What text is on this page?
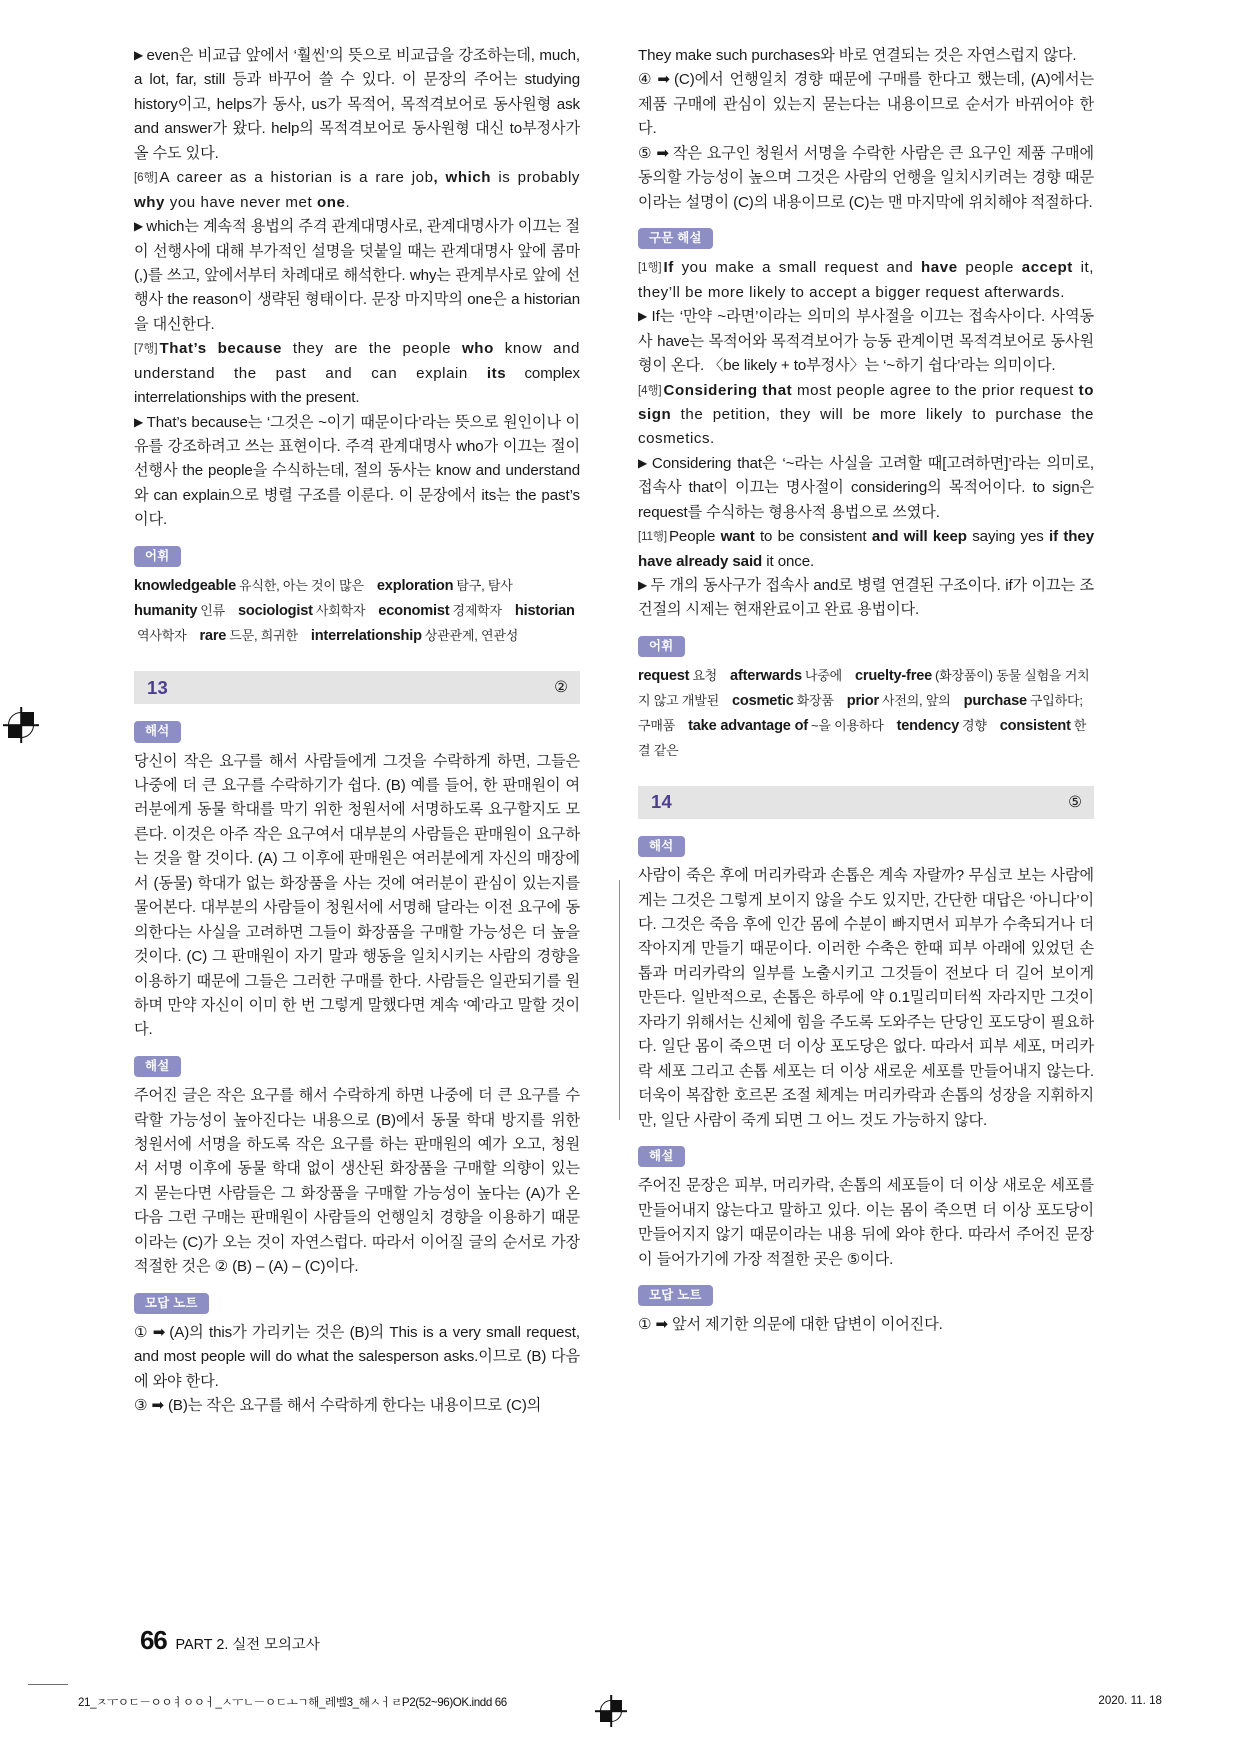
▶ even은 비교급 앞에서 ‘훨씬’의 뜻으로 비교급을 강조하는데, much, a lot, far, still 등과 바꾸어 쓸 수 있다. 이 문장의 주어는 studying history이고, helps가 동사, us가 목적어, 목적격보어로 동사원형 ask and answer가 왔다. help의 목적격보어로 동사원형 대신 to부정사가 올 수도 있다.

[6행] A career as a historian is a rare job, which is probably why you have never met one.

▶ which는 계속적 용법의 주격 관계대명사로, 관계대명사가 이끄는 절이 선행사에 대해 부가적인 설명을 덧붙일 때는 관계대명사 앞에 콤마(,)를 쓰고, 앞에서부터 차례대로 해석한다. why는 관계부사로 앞에 선행사 the reason이 생략된 형태이다. 문장 마지막의 one은 a historian을 대신한다.

[7행] That’s because they are the people who know and understand the past and can explain its complex interrelationships with the present.

▶ That’s because는 ‘그것은 ~이기 때문이다’라는 뜻으로 원인이나 이유를 강조하려고 쓰는 표현이다. 주격 관계대명사 who가 이끄는 절이 선행사 the people을 수식하는데, 절의 동사는 know and understand와 can explain으로 병렬 구조를 이룬다. 이 문장에서 its는 the past’s이다.

어휘
knowledgeable 유식한, 아는 것이 많은 exploration 탐구, 탐사humanity 인류 sociologist 사회학자 economist 경제학자 historian역사학자 rare 드문, 희귀한 interrelationship 상관관계, 연관성
13	②
해석

당신이 작은 요구를 해서 사람들에게 그것을 수락하게 하면, 그들은 나중에 더 큰 요구를 수락하기가 쉽다. (B) 예를 들어, 한 판매원이 여러분에게 동물 학대를 막기 위한 청원서에 서명하도록 요구할지도 모른다. 이것은 아주 작은 요구여서 대부분의 사람들은 판매원이 요구하는 것을 할 것이다. (A) 그 이후에 판매원은 여러분에게 자신의 매장에서 (동물) 학대가 없는 화장품을 사는 것에 여러분이 관심이 있는지를 물어본다. 대부분의 사람들이 청원서에 서명해 달라는 이전 요구에 동의한다는 사실을 고려하면 그들이 화장품을 구매할 가능성은 더 높을 것이다. (C) 그 판매원이 자기 말과 행동을 일치시키는 사람의 경향을 이용하기 때문에 그들은 그러한 구매를 한다. 사람들은 일관되기를 원하며 만약 자신이 이미 한 번 그렇게 말했다면 계속 ‘예’라고 말할 것이다.

해설

주어진 글은 작은 요구를 해서 수락하게 하면 나중에 더 큰 요구를 수락할 가능성이 높아진다는 내용으로 (B)에서 동물 학대 방지를 위한 청원서에 서명을 하도록 작은 요구를 하는 판매원의 예가 오고, 청원서 서명 이후에 동물 학대 없이 생산된 화장품을 구매할 의향이 있는지 묻는다면 사람들은 그 화장품을 구매할 가능성이 높다는 (A)가 온 다음 그런 구매는 판매원이 사람들의 언행일치 경향을 이용하기 때문이라는 (C)가 오는 것이 자연스럽다. 따라서 이어질 글의 순서로 가장 적절한 것은 ② (B) – (A) – (C)이다.

모답 노트

① ➡ (A)의 this가 가리키는 것은 (B)의 This is a very small request, and most people will do what the salesperson asks.이므로 (B) 다음에 와야 한다.

③ ➡ (B)는 작은 요구를 해서 수락하게 한다는 내용이므로 (C)의

They make such purchases와 바로 연결되는 것은 자연스럽지 않다.

④ ➡ (C)에서 언행일치 경향 때문에 구매를 한다고 했는데, (A)에서는 제품 구매에 관심이 있는지 묻는다는 내용이므로 순서가 바뀌어야 한다.

⑤ ➡ 작은 요구인 청원서 서명을 수락한 사람은 큰 요구인 제품 구매에 동의할 가능성이 높으며 그것은 사람의 언행을 일치시키려는 경향 때문이라는 설명이 (C)의 내용이므로 (C)는 맨 마지막에 위치해야 적절하다.

구문 해설

[1행] If you make a small request and have people accept it, they’ll be more likely to accept a bigger request afterwards.

▶ If는 ‘만약 ~라면’이라는 의미의 부사절을 이끄는 접속사이다. 사역동사 have는 목적어와 목적격보어가 능동 관계이면 목적격보어로 동사원형이 온다. 〈be likely + to부정사〉는 ‘~하기 쉽다’라는 의미이다.

[4행] Considering that most people agree to the prior request to sign the petition, they will be more likely to purchase the cosmetics.

▶ Considering that은 ‘~라는 사실을 고려할 때[고려하면]’라는 의미로, 접속사 that이 이끄는 명사절이 considering의 목적어이다. to sign은 request를 수식하는 형용사적 용법으로 쓰였다.

[11행] People want to be consistent and will keep saying yes if they have already said it once.

▶ 두 개의 동사구가 접속사 and로 병렬 연결된 구조이다. if가 이끄는 조건절의 시제는 현재완료이고 완료 용법이다.

어휘
request 요청 afterwards 나중에 cruelty-free (화장품이) 동물 실험을 거치지 않고 개발된 cosmetic 화장품 prior 사전의, 앞의 purchase 구입하다; 구매품 take advantage of ~을 이용하다 tendency 경향 consistent 한결 같은
14	⑤
해석

사람이 죽은 후에 머리카락과 손톱은 계속 자랄까? 무심코 보는 사람에게는 그것은 그렇게 보이지 않을 수도 있지만, 간단한 대답은 ‘아니다’이다. 그것은 죽음 후에 인간 몸에 수분이 빠지면서 피부가 수축되거나 더 작아지게 만들기 때문이다. 이러한 수축은 한때 피부 아래에 있었던 손톱과 머리카락의 일부를 노출시키고 그것들이 전보다 더 길어 보이게 만든다. 일반적으로, 손톱은 하루에 약 0.1밀리미터씩 자라지만 그것이 자라기 위해서는 신체에 힘을 주도록 도와주는 단당인 포도당이 필요하다. 일단 몸이 죽으면 더 이상 포도당은 없다. 따라서 피부 세포, 머리카락 세포 그리고 손톱 세포는 더 이상 새로운 세포를 만들어내지 않는다. 더욱이 복잡한 호르몬 조절 체계는 머리카락과 손톱의 성장을 지휘하지만, 일단 사람이 죽게 되면 그 어느 것도 가능하지 않다.

해설

주어진 문장은 피부, 머리카락, 손톱의 세포들이 더 이상 새로운 세포를 만들어내지 않는다고 말하고 있다. 이는 몸이 죽으면 더 이상 포도당이 만들어지지 않기 때문이라는 내용 뒤에 와야 한다. 따라서 주어진 문장이 들어가기에 가장 적절한 곳은 ⑤이다.

모답 노트

① ➡ 앞서 제기한 의문에 대한 답변이 이어진다.

66 PART 2. 실전 모의고사
21_ㅈㅜㅇㄷ－ㅇㅇㅕㅇㅇㅓ_ㅅㅜㄴ－ㅇㄷㅗㄱ해_레벨3_해ㅅㅓㄹP2(52~96)OK.indd 66	2020. 11. 18
